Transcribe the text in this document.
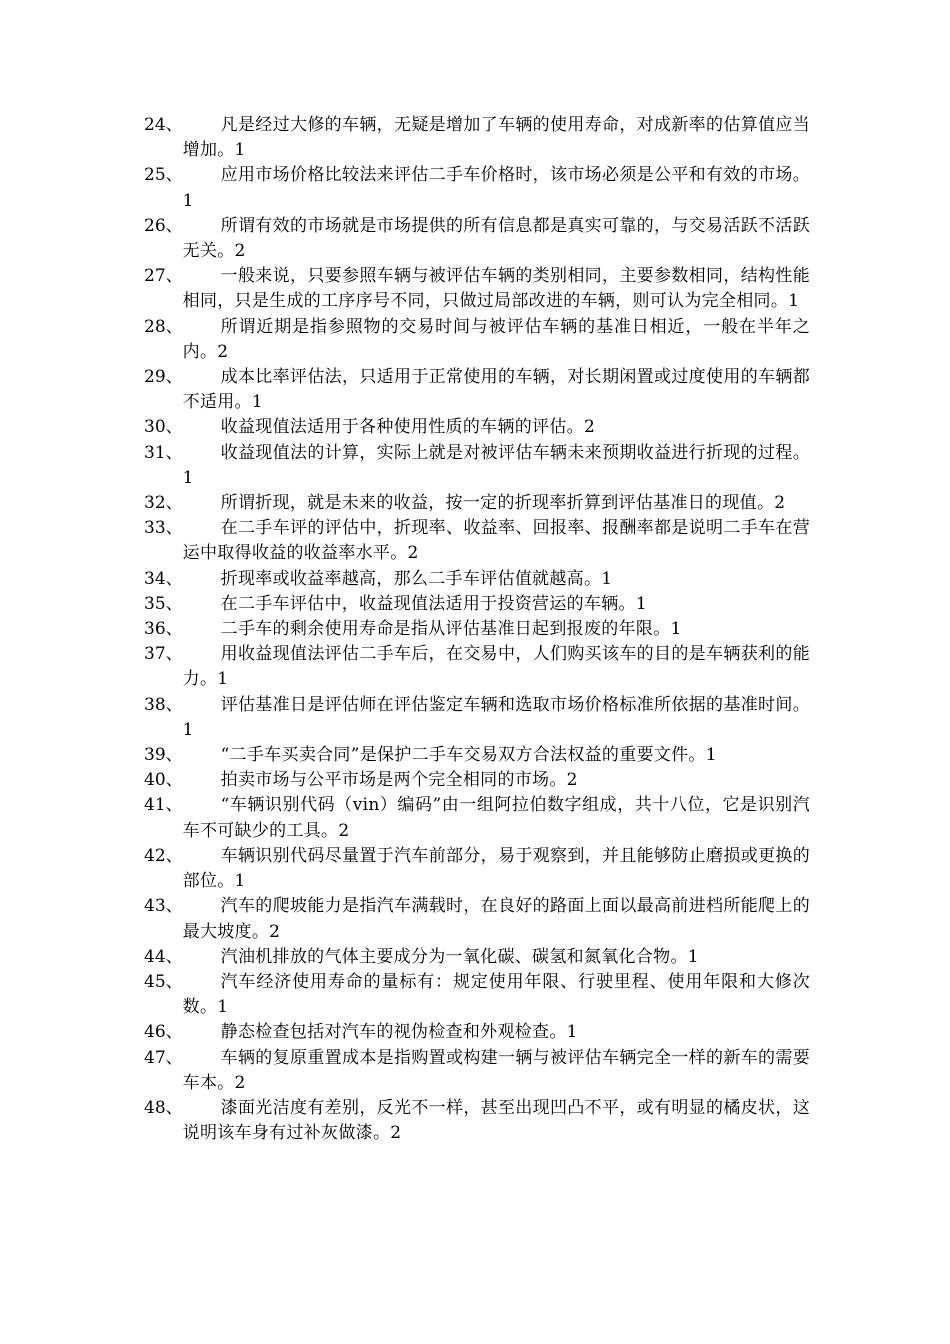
24、	凡是经过大修的车辆，无疑是增加了车辆的使用寿命，对成新率的估算值应当增加。1
25、	应用市场价格比较法来评估二手车价格时，该市场必须是公平和有效的市场。1
26、	所谓有效的市场就是市场提供的所有信息都是真实可靠的，与交易活跃不活跃无关。2
27、	一般来说，只要参照车辆与被评估车辆的类别相同，主要参数相同，结构性能相同，只是生成的工序序号不同，只做过局部改进的车辆，则可认为完全相同。1
28、	所谓近期是指参照物的交易时间与被评估车辆的基准日相近，一般在半年之内。2
29、	成本比率评估法，只适用于正常使用的车辆，对长期闲置或过度使用的车辆都不适用。1
30、	收益现值法适用于各种使用性质的车辆的评估。2
31、	收益现值法的计算，实际上就是对被评估车辆未来预期收益进行折现的过程。1
32、	所谓折现，就是未来的收益，按一定的折现率折算到评估基准日的现值。2
33、	在二手车评的评估中，折现率、收益率、回报率、报酬率都是说明二手车在营运中取得收益的收益率水平。2
34、	折现率或收益率越高，那么二手车评估值就越高。1
35、	在二手车评估中，收益现值法适用于投资营运的车辆。1
36、	二手车的剩余使用寿命是指从评估基准日起到报废的年限。1
37、	用收益现值法评估二手车后，在交易中，人们购买该车的目的是车辆获利的能力。1
38、	评估基准日是评估师在评估鉴定车辆和选取市场价格标准所依据的基准时间。1
39、	“二手车买卖合同”是保护二手车交易双方合法权益的重要文件。1
40、	拍卖市场与公平市场是两个完全相同的市场。2
41、	“车辆识别代码（vin）编码”由一组阿拉伯数字组成，共十八位，它是识别汽车不可缺少的工具。2
42、	车辆识别代码尽量置于汽车前部分，易于观察到，并且能够防止磨损或更换的部位。1
43、	汽车的爬坡能力是指汽车满载时，在良好的路面上面以最高前进档所能爬上的最大坡度。2
44、	汽油机排放的气体主要成分为一氧化碳、碳氢和氮氧化合物。1
45、	汽车经济使用寿命的量标有：规定使用年限、行驶里程、使用年限和大修次数。1
46、	静态检查包括对汽车的视伪检查和外观检查。1
47、	车辆的复原重置成本是指购置或构建一辆与被评估车辆完全一样的新车的需要车本。2
48、	漆面光洁度有差别，反光不一样，甚至出现凹凸不平，或有明显的橘皮状，这说明该车身有过补灰做漆。2
